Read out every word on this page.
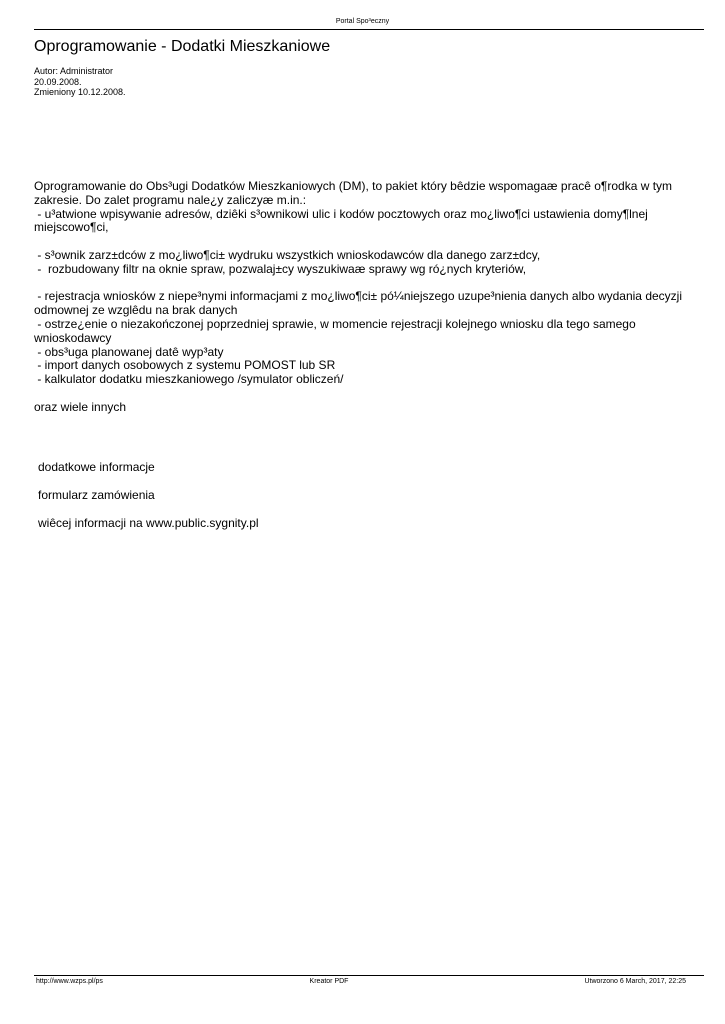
Portal Spo³eczny
Oprogramowanie - Dodatki Mieszkaniowe
Autor: Administrator
20.09.2008.
Zmieniony 10.12.2008.

Oprogramowanie do Obs³ugi Dodatków Mieszkaniowych (DM), to pakiet który bêdzie wspomagaæ pracê o¶rodka w tym

zakresie. Do zalet programu nale¿y zaliczyæ m.in.:

- u³atwione wpisywanie adresów, dziêki s³ownikowi ulic i kodów pocztowych oraz mo¿liwo¶ci ustawienia domy¶lnej

miejscowo¶ci,

- s³ownik zarz±dców z mo¿liwo¶ci± wydruku wszystkich wnioskodawców dla danego zarz±dcy,

-  rozbudowany filtr na oknie spraw, pozwalaj±cy wyszukiwaæ sprawy wg ró¿nych kryteriów,

- rejestracja wniosków z niepe³nymi informacjami z mo¿liwo¶ci± pó¼niejszego uzupe³nienia danych albo wydania decyzji

odmownej ze wzglêdu na brak danych

- ostrze¿enie o niezakończonej poprzedniej sprawie, w momencie rejestracji kolejnego wniosku dla tego samego

wnioskodawcy

- obs³uga planowanej datê wyp³aty

- import danych osobowych z systemu POMOST lub SR

- kalkulator dodatku mieszkaniowego /symulator obliczeń/

oraz wiele innych

dodatkowe informacje
formularz zamówienia
wiêcej informacji na www.public.sygnity.pl
http://www.wzps.pl/ps	Kreator PDF	Utworzono 6 March, 2017, 22:25
